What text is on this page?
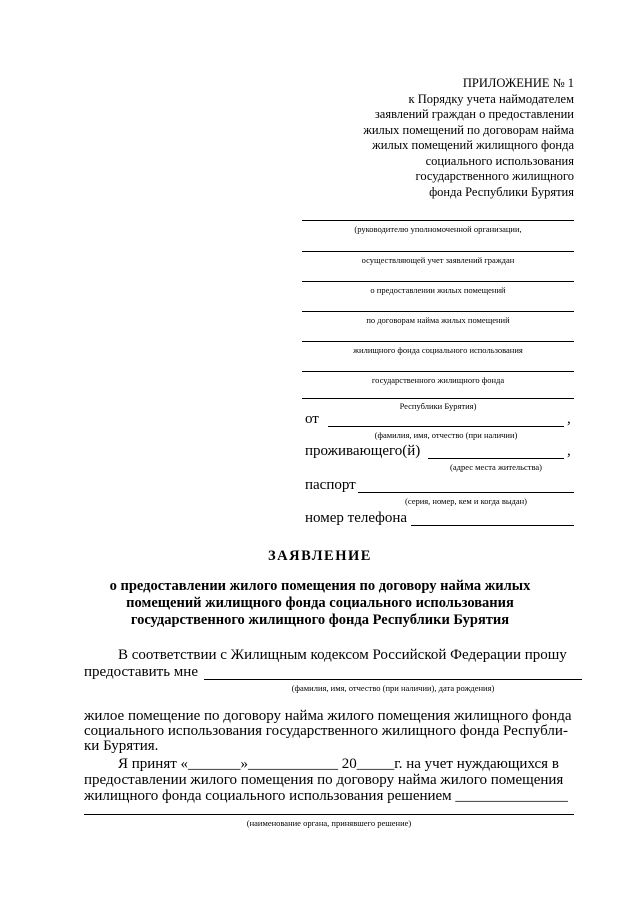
ПРИЛОЖЕНИЕ № 1
к Порядку учета наймодателем
заявлений граждан о предоставлении
жилых помещений по договорам найма
жилых помещений жилищного фонда
социального использования
государственного жилищного
фонда Республики Бурятия
(руководителю уполномоченной организации,
осуществляющей учет заявлений граждан
о предоставлении жилых помещений
по договорам найма жилых помещений
жилищного фонда социального использования
государственного жилищного фонда
Республики Бурятия)
от	,
(фамилия, имя, отчество (при наличии)
проживающего(й)	,
(адрес места жительства)
паспорт
(серия, номер, кем и когда выдан)
номер телефона
ЗАЯВЛЕНИЕ
о предоставлении жилого помещения по договору найма жилых
помещений жилищного фонда социального использования
государственного жилищного фонда Республики Бурятия
В соответствии с Жилищным кодексом Российской Федерации прошу
предоставить мне
(фамилия, имя, отчество (при наличии), дата рождения)
жилое помещение по договору найма жилого помещения жилищного фонда
социального использования государственного жилищного фонда Республи-
ки Бурятия.
Я принят «_______»____________ 20_____г. на учет нуждающихся в
предоставлении жилого помещения по договору найма жилого помещения
жилищного фонда социального использования решением _______________
(наименование органа, принявшего решение)
